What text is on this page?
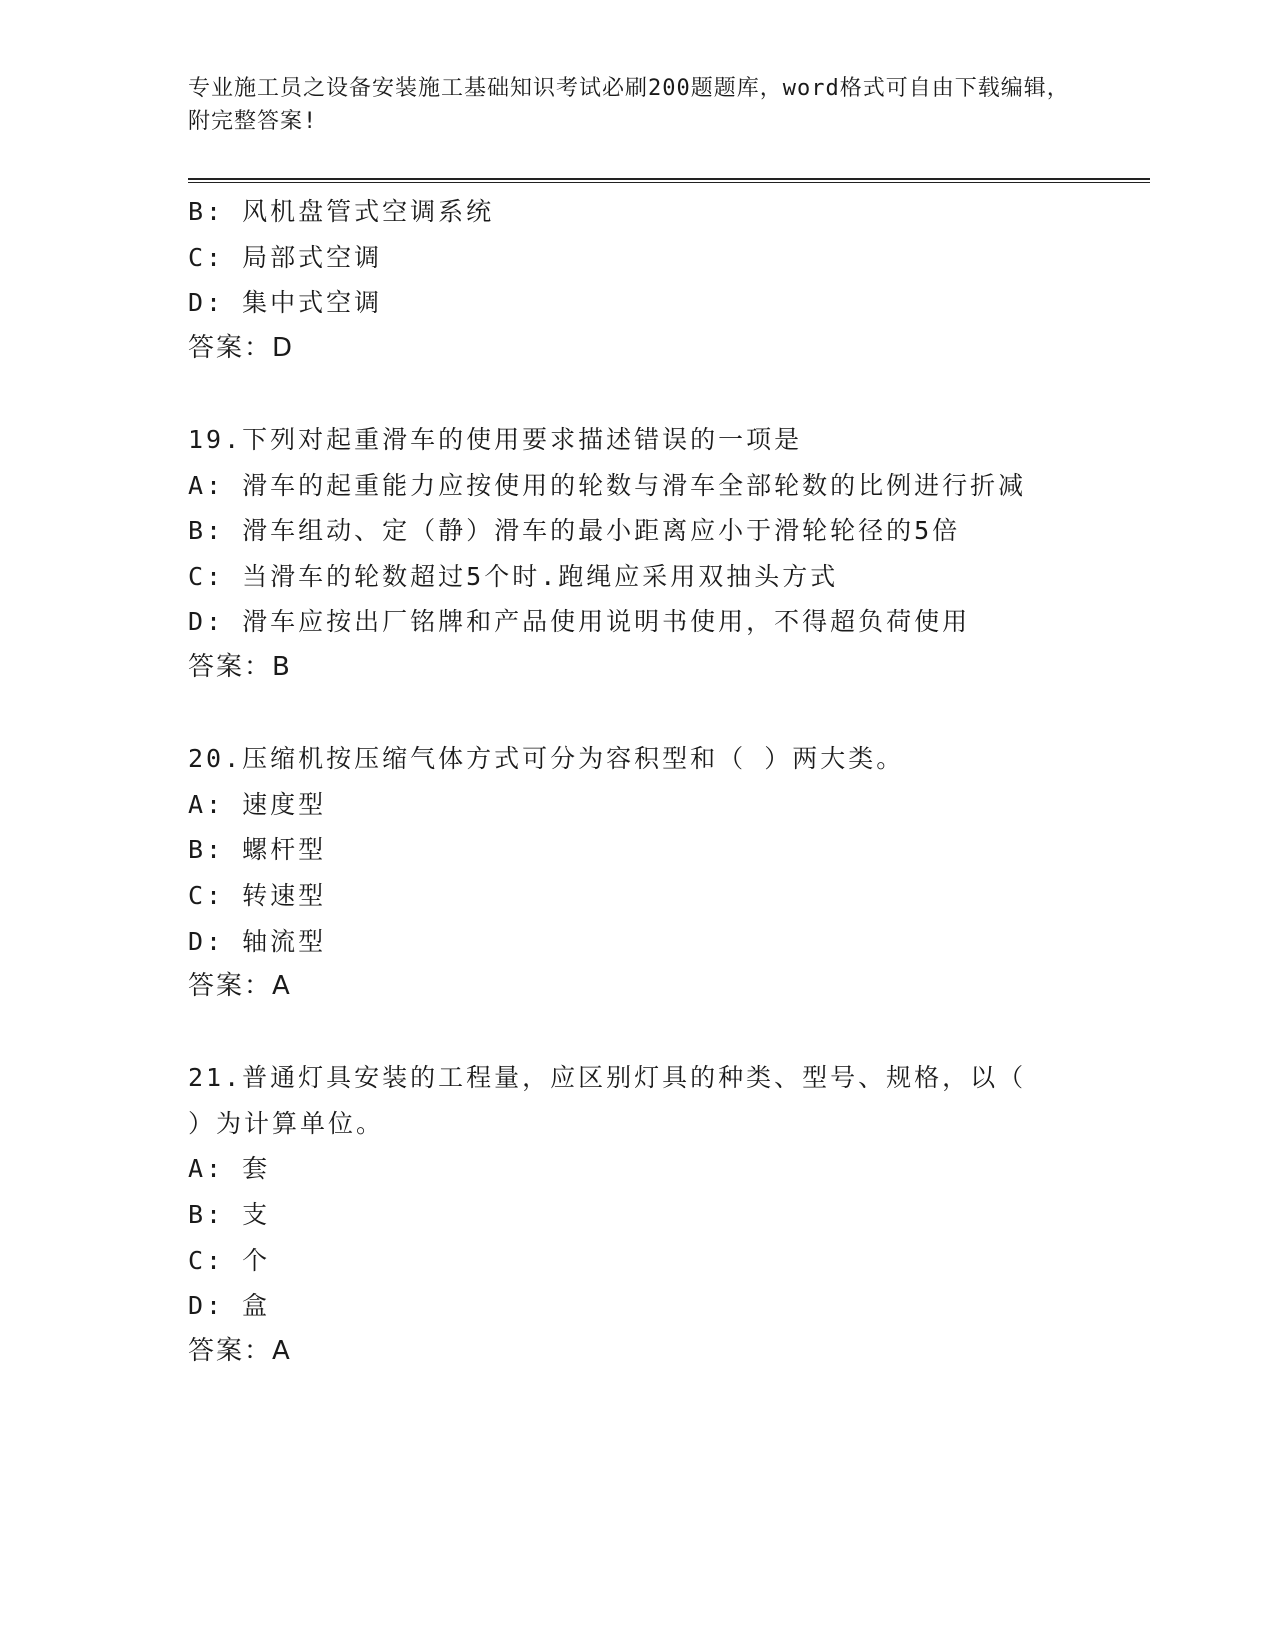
专业施工员之设备安装施工基础知识考试必刷200题题库，word格式可自由下载编辑，附完整答案!
B: 风机盘管式空调系统
C: 局部式空调
D: 集中式空调
答案：D
19.下列对起重滑车的使用要求描述错误的一项是
A: 滑车的起重能力应按使用的轮数与滑车全部轮数的比例进行折减
B: 滑车组动、定（静）滑车的最小距离应小于滑轮轮径的5倍
C: 当滑车的轮数超过5个时.跑绳应采用双抽头方式
D: 滑车应按出厂铭牌和产品使用说明书使用，不得超负荷使用
答案：B
20.压缩机按压缩气体方式可分为容积型和（ ）两大类。
A: 速度型
B: 螺杆型
C: 转速型
D: 轴流型
答案：A
21.普通灯具安装的工程量，应区别灯具的种类、型号、规格，以（ ）为计算单位。
A: 套
B: 支
C: 个
D: 盒
答案：A
